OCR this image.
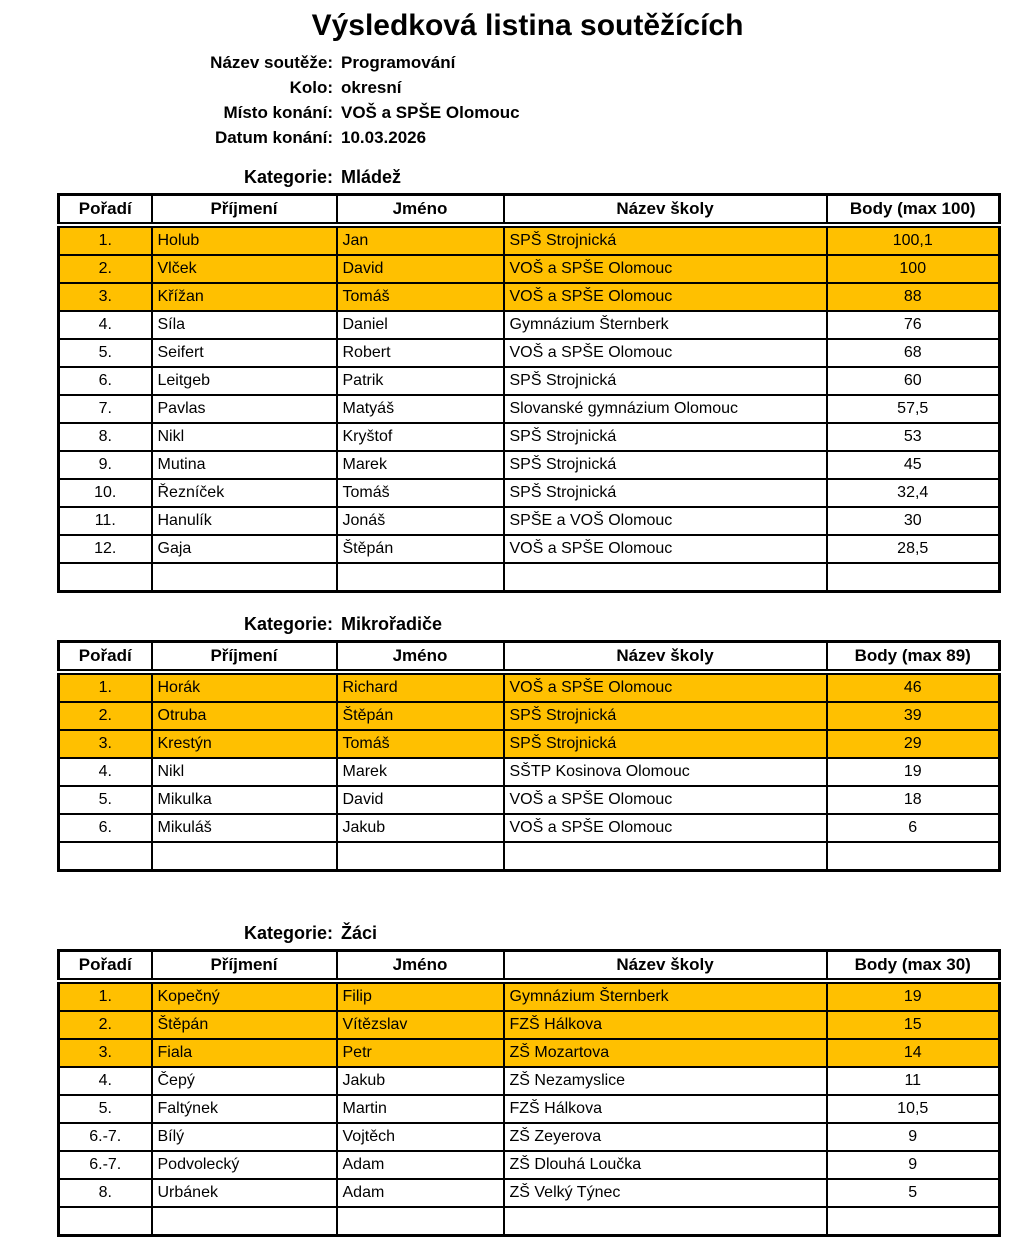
Výsledková listina soutěžících
Název soutěže: Programování
Kolo: okresní
Místo konání: VOŠ a SPŠE Olomouc
Datum konání: 10.03.2026
Kategorie: Mládež
Pořadí	Příjmení	Jméno	Název školy	Body (max 100)
1.	Holub	Jan	SPŠ Strojnická	100,1
2.	Vlček	David	VOŠ a SPŠE Olomouc	100
3.	Křížan	Tomáš	VOŠ a SPŠE Olomouc	88
4.	Síla	Daniel	Gymnázium Šternberk	76
5.	Seifert	Robert	VOŠ a SPŠE Olomouc	68
6.	Leitgeb	Patrik	SPŠ Strojnická	60
7.	Pavlas	Matyáš	Slovanské gymnázium Olomouc	57,5
8.	Nikl	Kryštof	SPŠ Strojnická	53
9.	Mutina	Marek	SPŠ Strojnická	45
10.	Řezníček	Tomáš	SPŠ Strojnická	32,4
11.	Hanulík	Jonáš	SPŠE a VOŠ Olomouc	30
12.	Gaja	Štěpán	VOŠ a SPŠE Olomouc	28,5

Kategorie: Mikrořadiče
Pořadí	Příjmení	Jméno	Název školy	Body (max 89)
1.	Horák	Richard	VOŠ a SPŠE Olomouc	46
2.	Otruba	Štěpán	SPŠ Strojnická	39
3.	Krestýn	Tomáš	SPŠ Strojnická	29
4.	Nikl	Marek	SŠTP Kosinova Olomouc	19
5.	Mikulka	David	VOŠ a SPŠE Olomouc	18
6.	Mikuláš	Jakub	VOŠ a SPŠE Olomouc	6

Kategorie: Žáci
Pořadí	Příjmení	Jméno	Název školy	Body (max 30)
1.	Kopečný	Filip	Gymnázium Šternberk	19
2.	Štěpán	Vítězslav	FZŠ Hálkova	15
3.	Fiala	Petr	ZŠ Mozartova	14
4.	Čepý	Jakub	ZŠ Nezamyslice	11
5.	Faltýnek	Martin	FZŠ Hálkova	10,5
6.-7.	Bílý	Vojtěch	ZŠ Zeyerova	9
6.-7.	Podvolecký	Adam	ZŠ Dlouhá Loučka	9
8.	Urbánek	Adam	ZŠ Velký Týnec	5
